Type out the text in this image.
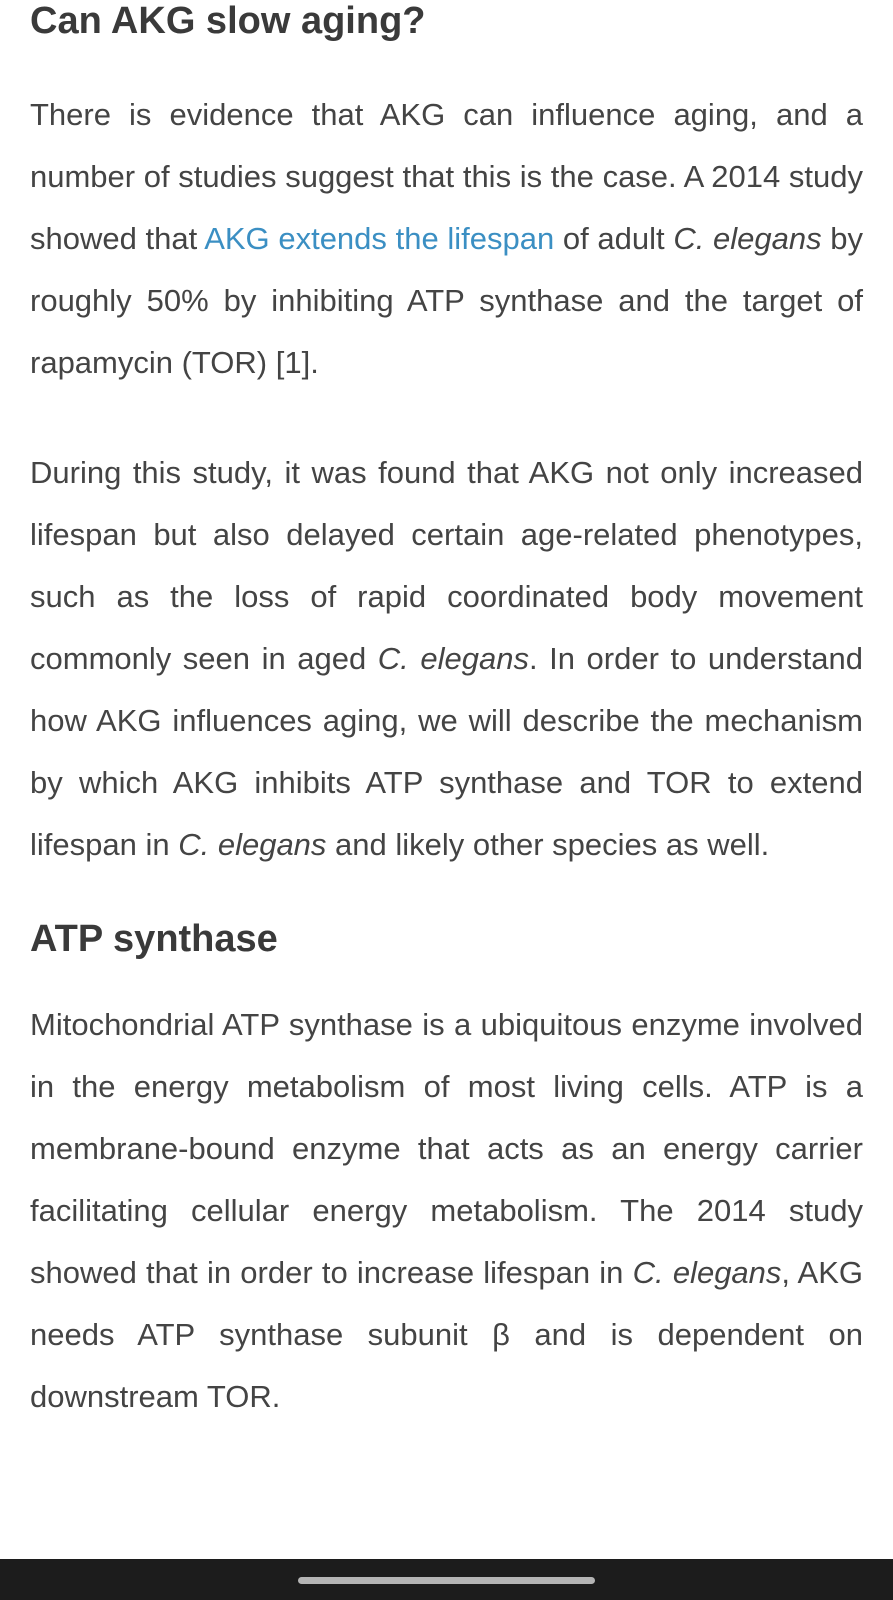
Can AKG slow aging?

There is evidence that AKG can influence aging, and a number of studies suggest that this is the case. A 2014 study showed that AKG extends the lifespan of adult C. elegans by roughly 50% by inhibiting ATP synthase and the target of rapamycin (TOR) [1].

During this study, it was found that AKG not only increased lifespan but also delayed certain age-related phenotypes, such as the loss of rapid coordinated body movement commonly seen in aged C. elegans. In order to understand how AKG influences aging, we will describe the mechanism by which AKG inhibits ATP synthase and TOR to extend lifespan in C. elegans and likely other species as well.

ATP synthase

Mitochondrial ATP synthase is a ubiquitous enzyme involved in the energy metabolism of most living cells. ATP is a membrane-bound enzyme that acts as an energy carrier facilitating cellular energy metabolism. The 2014 study showed that in order to increase lifespan in C. elegans, AKG needs ATP synthase subunit β and is dependent on downstream TOR.
